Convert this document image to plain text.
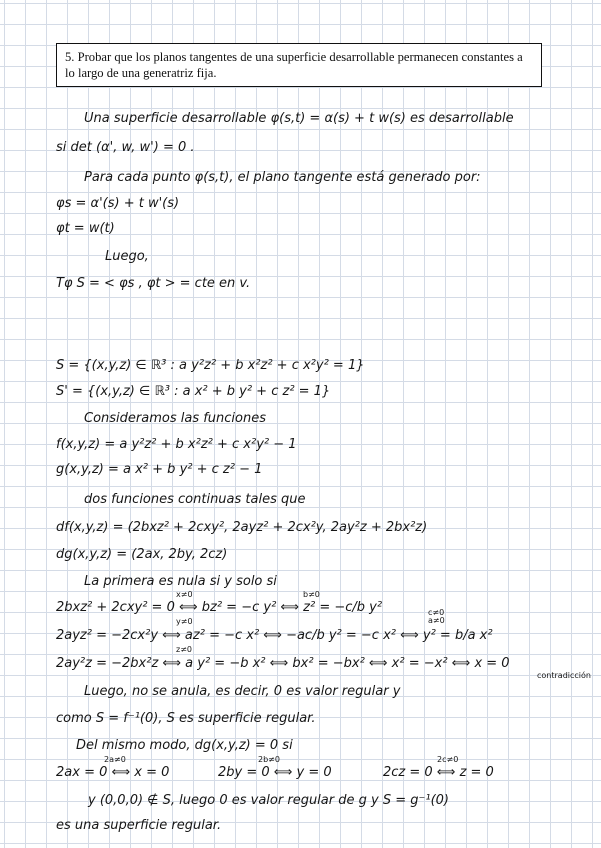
5. Probar que los planos tangentes de una superficie desarrollable permanecen constantes a lo largo de una generatriz fija.
Una superficie desarrollable φ(s,t) = α(s) + t w(s) es desarrollable
si det (α', w, w') = 0 .
Para cada punto φ(s,t), el plano tangente está generado por:
φs = α'(s) + t w'(s)
φt = w(t)
Luego,
Tφ S = < φs , φt > = cte en v.
S = {(x,y,z) ∈ ℝ³ : a y²z² + b x²z² + c x²y² = 1}
S' = {(x,y,z) ∈ ℝ³ : a x² + b y² + c z² = 1}
Consideramos las funciones
f(x,y,z) = a y²z² + b x²z² + c x²y² − 1
g(x,y,z) = a x² + b y² + c z² − 1
dos funciones continuas tales que
df(x,y,z) = (2bxz² + 2cxy², 2ayz² + 2cx²y, 2ay²z + 2bx²z)
dg(x,y,z) = (2ax, 2by, 2cz)
La primera es nula si y solo si
x≠0	b≠0
c≠0 a≠0
2bxz² + 2cxy² = 0 ⟺ bz² = −c y² ⟺ z² = −c/b y²
y≠0
2ayz² = −2cx²y ⟺ az² = −c x² ⟺ −ac/b y² = −c x² ⟺ y² = b/a x²
z≠0
2ay²z = −2bx²z ⟺ a y² = −b x² ⟺ bx² = −bx² ⟺ x² = −x² ⟺ x = 0
contradicción
Luego, no se anula, es decir, 0 es valor regular y
como S = f⁻¹(0), S es superficie regular.
Del mismo modo, dg(x,y,z) = 0 si
2a≠0	2b≠0	2c≠0
2ax = 0 ⟺ x = 0	2by = 0 ⟺ y = 0	2cz = 0 ⟺ z = 0
y (0,0,0) ∉ S, luego 0 es valor regular de g y S = g⁻¹(0)
es una superficie regular.
